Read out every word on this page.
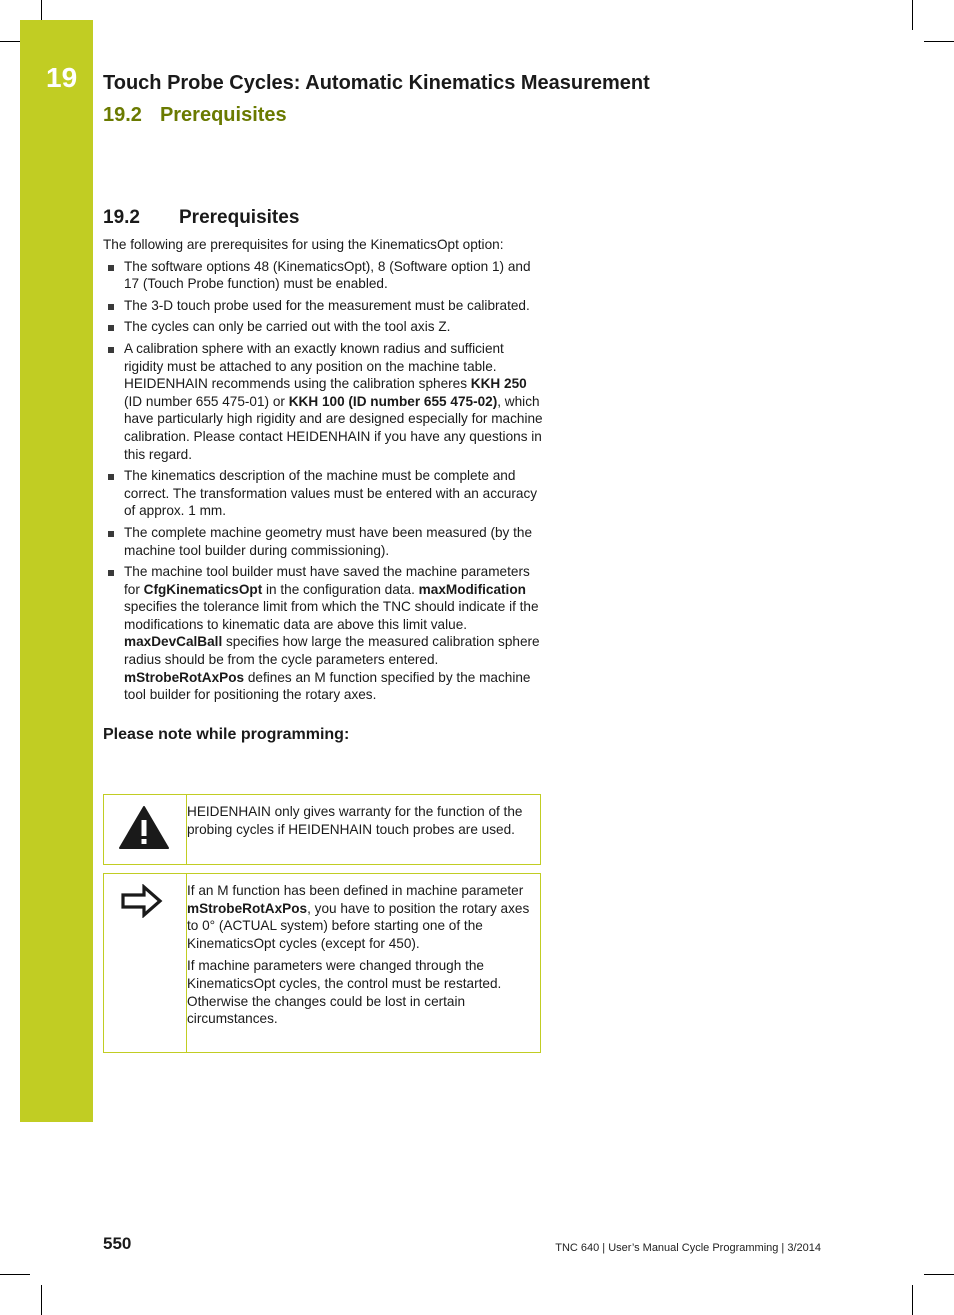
19 Touch Probe Cycles: Automatic Kinematics Measurement
19.2 Prerequisites
19.2 Prerequisites

The following are prerequisites for using the KinematicsOpt option:

The software options 48 (KinematicsOpt), 8 (Software option 1) and 17 (Touch Probe function) must be enabled.
The 3-D touch probe used for the measurement must be calibrated.
The cycles can only be carried out with the tool axis Z.
A calibration sphere with an exactly known radius and sufficient rigidity must be attached to any position on the machine table. HEIDENHAIN recommends using the calibration spheres KKH 250 (ID number 655 475-01) or KKH 100 (ID number 655 475-02), which have particularly high rigidity and are designed especially for machine calibration. Please contact HEIDENHAIN if you have any questions in this regard.
The kinematics description of the machine must be complete and correct. The transformation values must be entered with an accuracy of approx. 1 mm.
The complete machine geometry must have been measured (by the machine tool builder during commissioning).
The machine tool builder must have saved the machine parameters for CfgKinematicsOpt in the configuration data. maxModification specifies the tolerance limit from which the TNC should indicate if the modifications to kinematic data are above this limit value. maxDevCalBall specifies how large the measured calibration sphere radius should be from the cycle parameters entered. mStrobeRotAxPos defines an M function specified by the machine tool builder for positioning the rotary axes.
Please note while programming:

HEIDENHAIN only gives warranty for the function of the probing cycles if HEIDENHAIN touch probes are used.

If an M function has been defined in machine parameter mStrobeRotAxPos, you have to position the rotary axes to 0° (ACTUAL system) before starting one of the KinematicsOpt cycles (except for 450).

If machine parameters were changed through the KinematicsOpt cycles, the control must be restarted. Otherwise the changes could be lost in certain circumstances.

550	TNC 640 | User’s Manual Cycle Programming | 3/2014
